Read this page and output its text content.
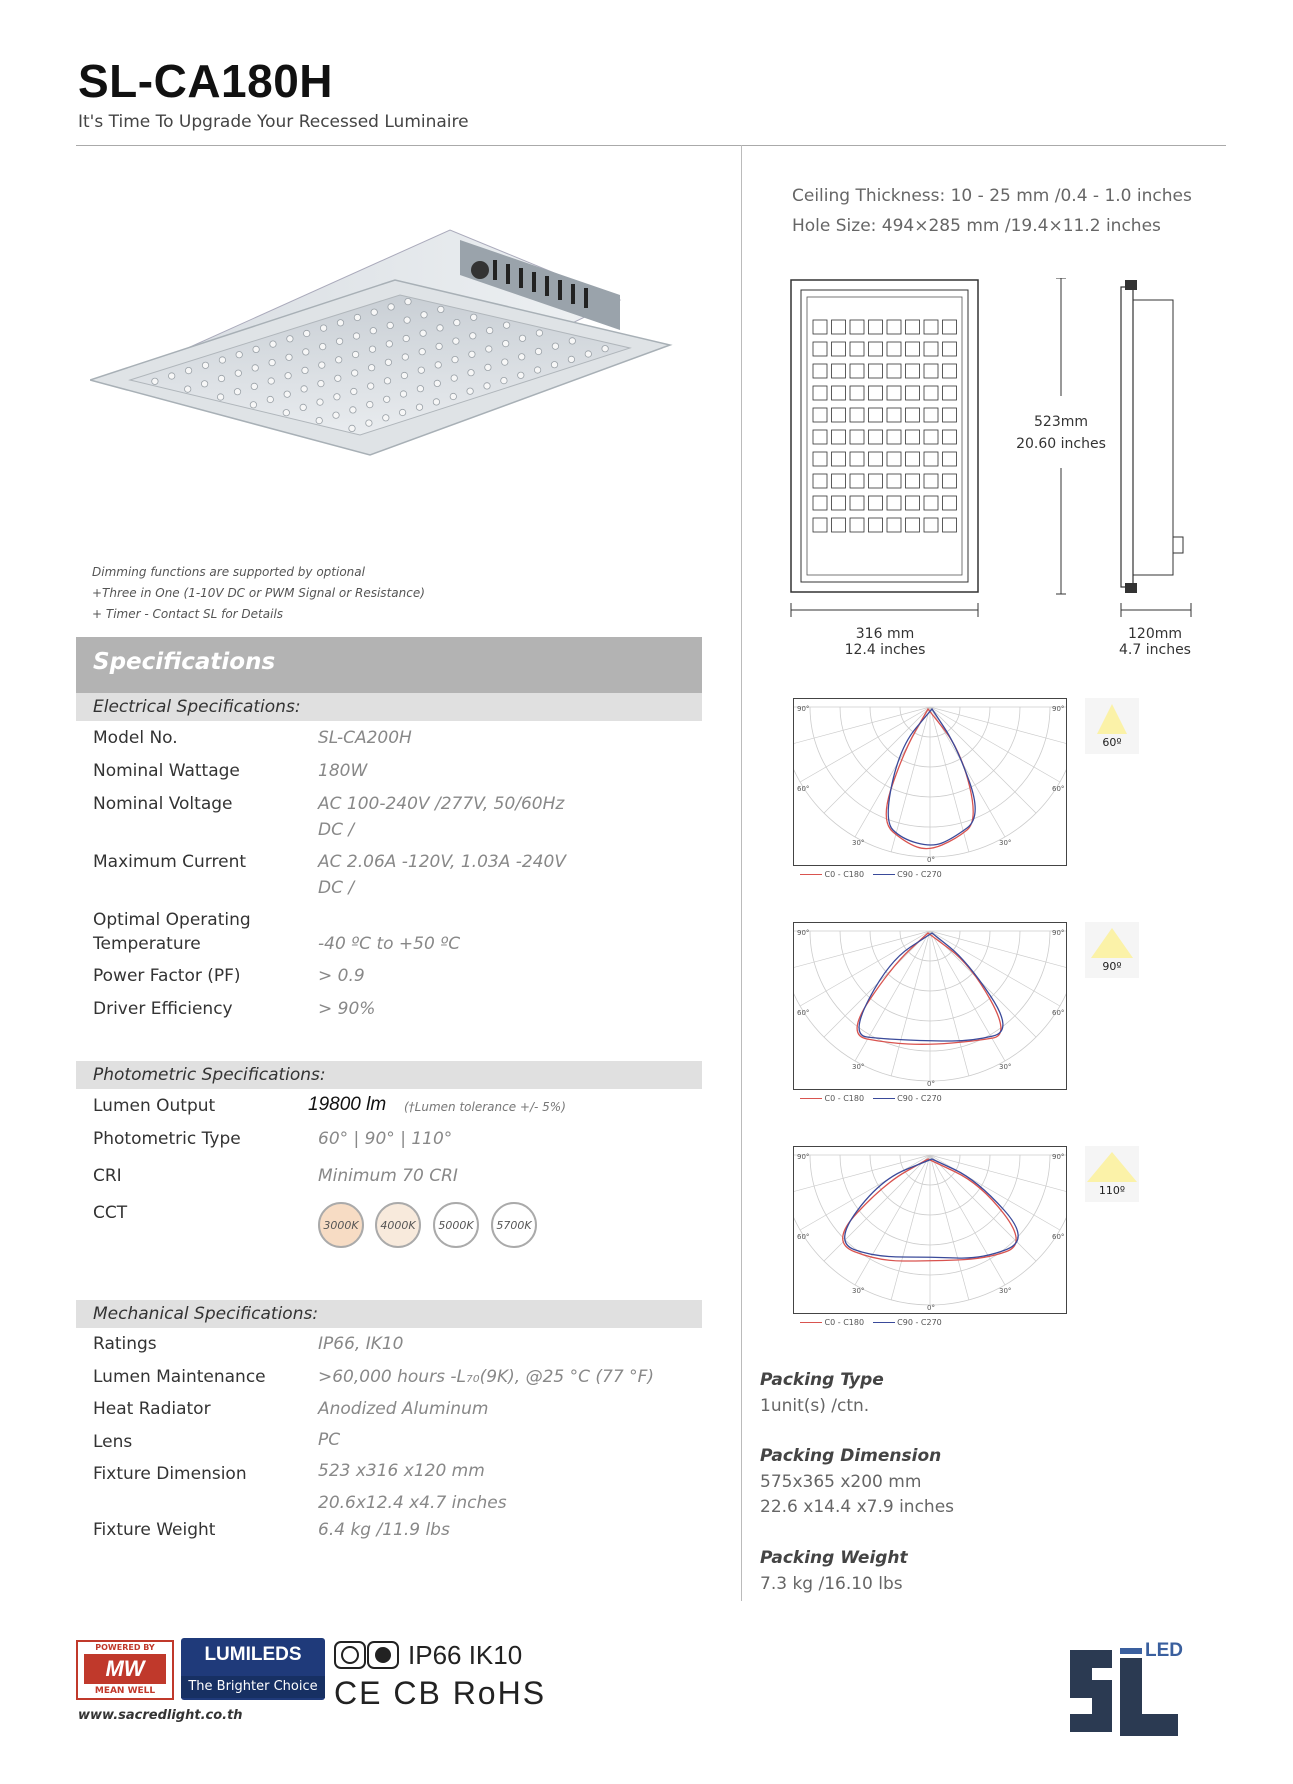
SL-CA180H
It's Time To Upgrade Your Recessed Luminaire
Dimming functions are supported by optional
+Three in One (1-10V DC or PWM Signal or Resistance)
+ Timer - Contact SL for Details
Specifications
Electrical Specifications:
Model No.	SL-CA200H
Nominal Wattage	180W
Nominal Voltage	AC 100-240V /277V, 50/60Hz
DC /
Maximum Current	AC 2.06A -120V, 1.03A -240V
DC /
Optimal Operating
Temperature	-40 ºC to +50 ºC
Power Factor (PF)	> 0.9
Driver Efficiency	> 90%
Photometric Specifications:
Lumen Output	19800 lm (†Lumen tolerance +/- 5%)
Photometric Type	60° | 90° | 110°
CRI	Minimum 70 CRI
CCT
3000K	4000K	5000K	5700K
Mechanical Specifications:
Ratings	IP66, IK10
Lumen Maintenance	>60,000 hours -L₇₀(9K), @25 °C (77 °F)
Heat Radiator	Anodized Aluminum
Lens	PC
Fixture Dimension	523 x316 x120 mm
20.6x12.4 x4.7 inches
Fixture Weight	6.4 kg /11.9 lbs
Ceiling Thickness: 10 - 25 mm /0.4 - 1.0 inches
Hole Size: 494×285 mm /19.4×11.2 inches
316 mm
12.4 inches
523mm
20.60 inches
120mm
4.7 inches
90°	90°
60°	60°
30°	30°
0°
C0 - C180	C90 - C270
60º
90°	90°
60°	60°
30°	30°
0°
C0 - C180	C90 - C270
90º
90°	90°
60°	60°
30°	30°
0°
C0 - C180	C90 - C270
110º
Packing Type
1unit(s) /ctn.
Packing Dimension
575x365 x200 mm
22.6 x14.4 x7.9 inches
Packing Weight
7.3 kg /16.10 lbs
POWERED BY
MW
MEAN WELL
LUMILEDS
The Brighter Choice
IP66 IK10
CE CB RoHS
www.sacredlight.co.th
LED
